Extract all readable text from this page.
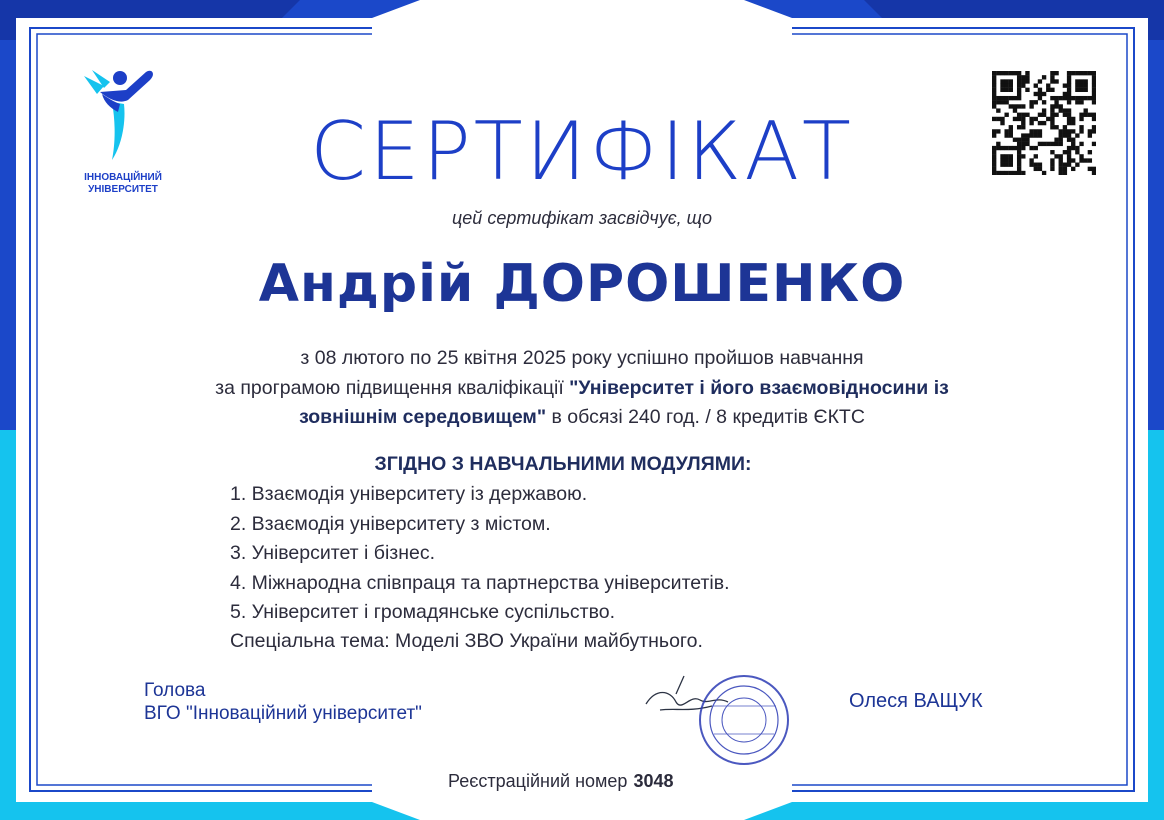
ІННОВАЦІЙНИЙ
УНІВЕРСИТЕТ	СЕРТИФІКАТ
цей сертифікат засвідчує, що
Андрій ДОРОШЕНКО
з 08 лютого по 25 квітня 2025 року успішно пройшов навчання
за програмою підвищення кваліфікації "Університет і його взаємовідносини із
зовнішнім середовищем" в обсязі 240 год. / 8 кредитів ЄКТС
ЗГІДНО З НАВЧАЛЬНИМИ МОДУЛЯМИ:
1. Взаємодія університету із державою.
2. Взаємодія університету з містом.
3. Університет і бізнес.
4. Міжнародна співпраця та партнерства університетів.
5. Університет і громадянське суспільство.
Спеціальна тема: Моделі ЗВО України майбутнього.
Голова
ВГО "Інноваційний університет"
Олеся ВАЩУК
Реєстраційний номер 3048
